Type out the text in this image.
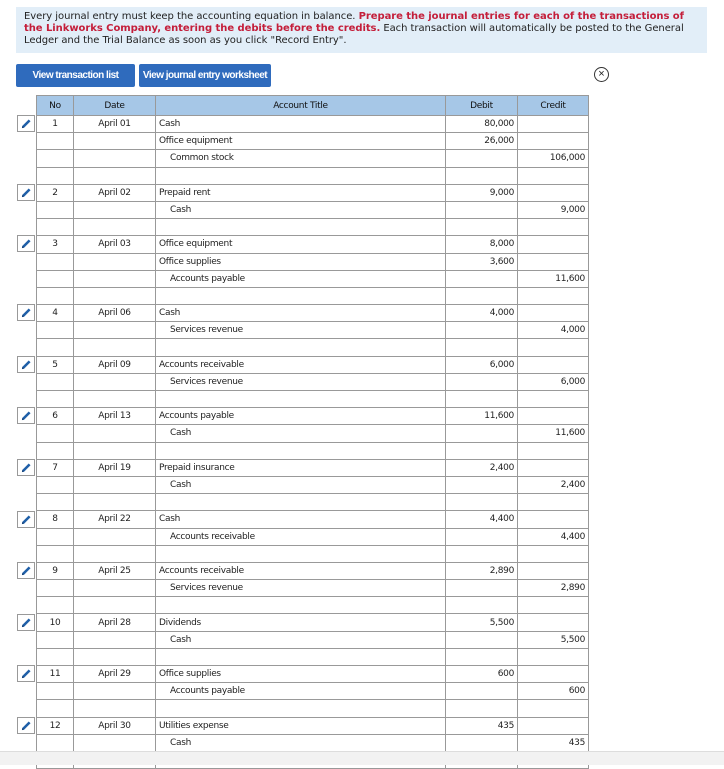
Every journal entry must keep the accounting equation in balance. Prepare the journal entries for each of the transactions of the Linkworks Company, entering the debits before the credits. Each transaction will automatically be posted to the General Ledger and the Trial Balance as soon as you click "Record Entry".
View transaction list	View journal entry worksheet	×
No	Date	Account Title	Debit	Credit
1	April 01	Cash	80,000	
		Office equipment	26,000	
		Common stock		106,000

2	April 02	Prepaid rent	9,000	
		Cash		9,000

3	April 03	Office equipment	8,000	
		Office supplies	3,600	
		Accounts payable		11,600

4	April 06	Cash	4,000	
		Services revenue		4,000

5	April 09	Accounts receivable	6,000	
		Services revenue		6,000

6	April 13	Accounts payable	11,600	
		Cash		11,600

7	April 19	Prepaid insurance	2,400	
		Cash		2,400

8	April 22	Cash	4,400	
		Accounts receivable		4,400

9	April 25	Accounts receivable	2,890	
		Services revenue		2,890

10	April 28	Dividends	5,500	
		Cash		5,500

11	April 29	Office supplies	600	
		Accounts payable		600

12	April 30	Utilities expense	435	
		Cash		435
